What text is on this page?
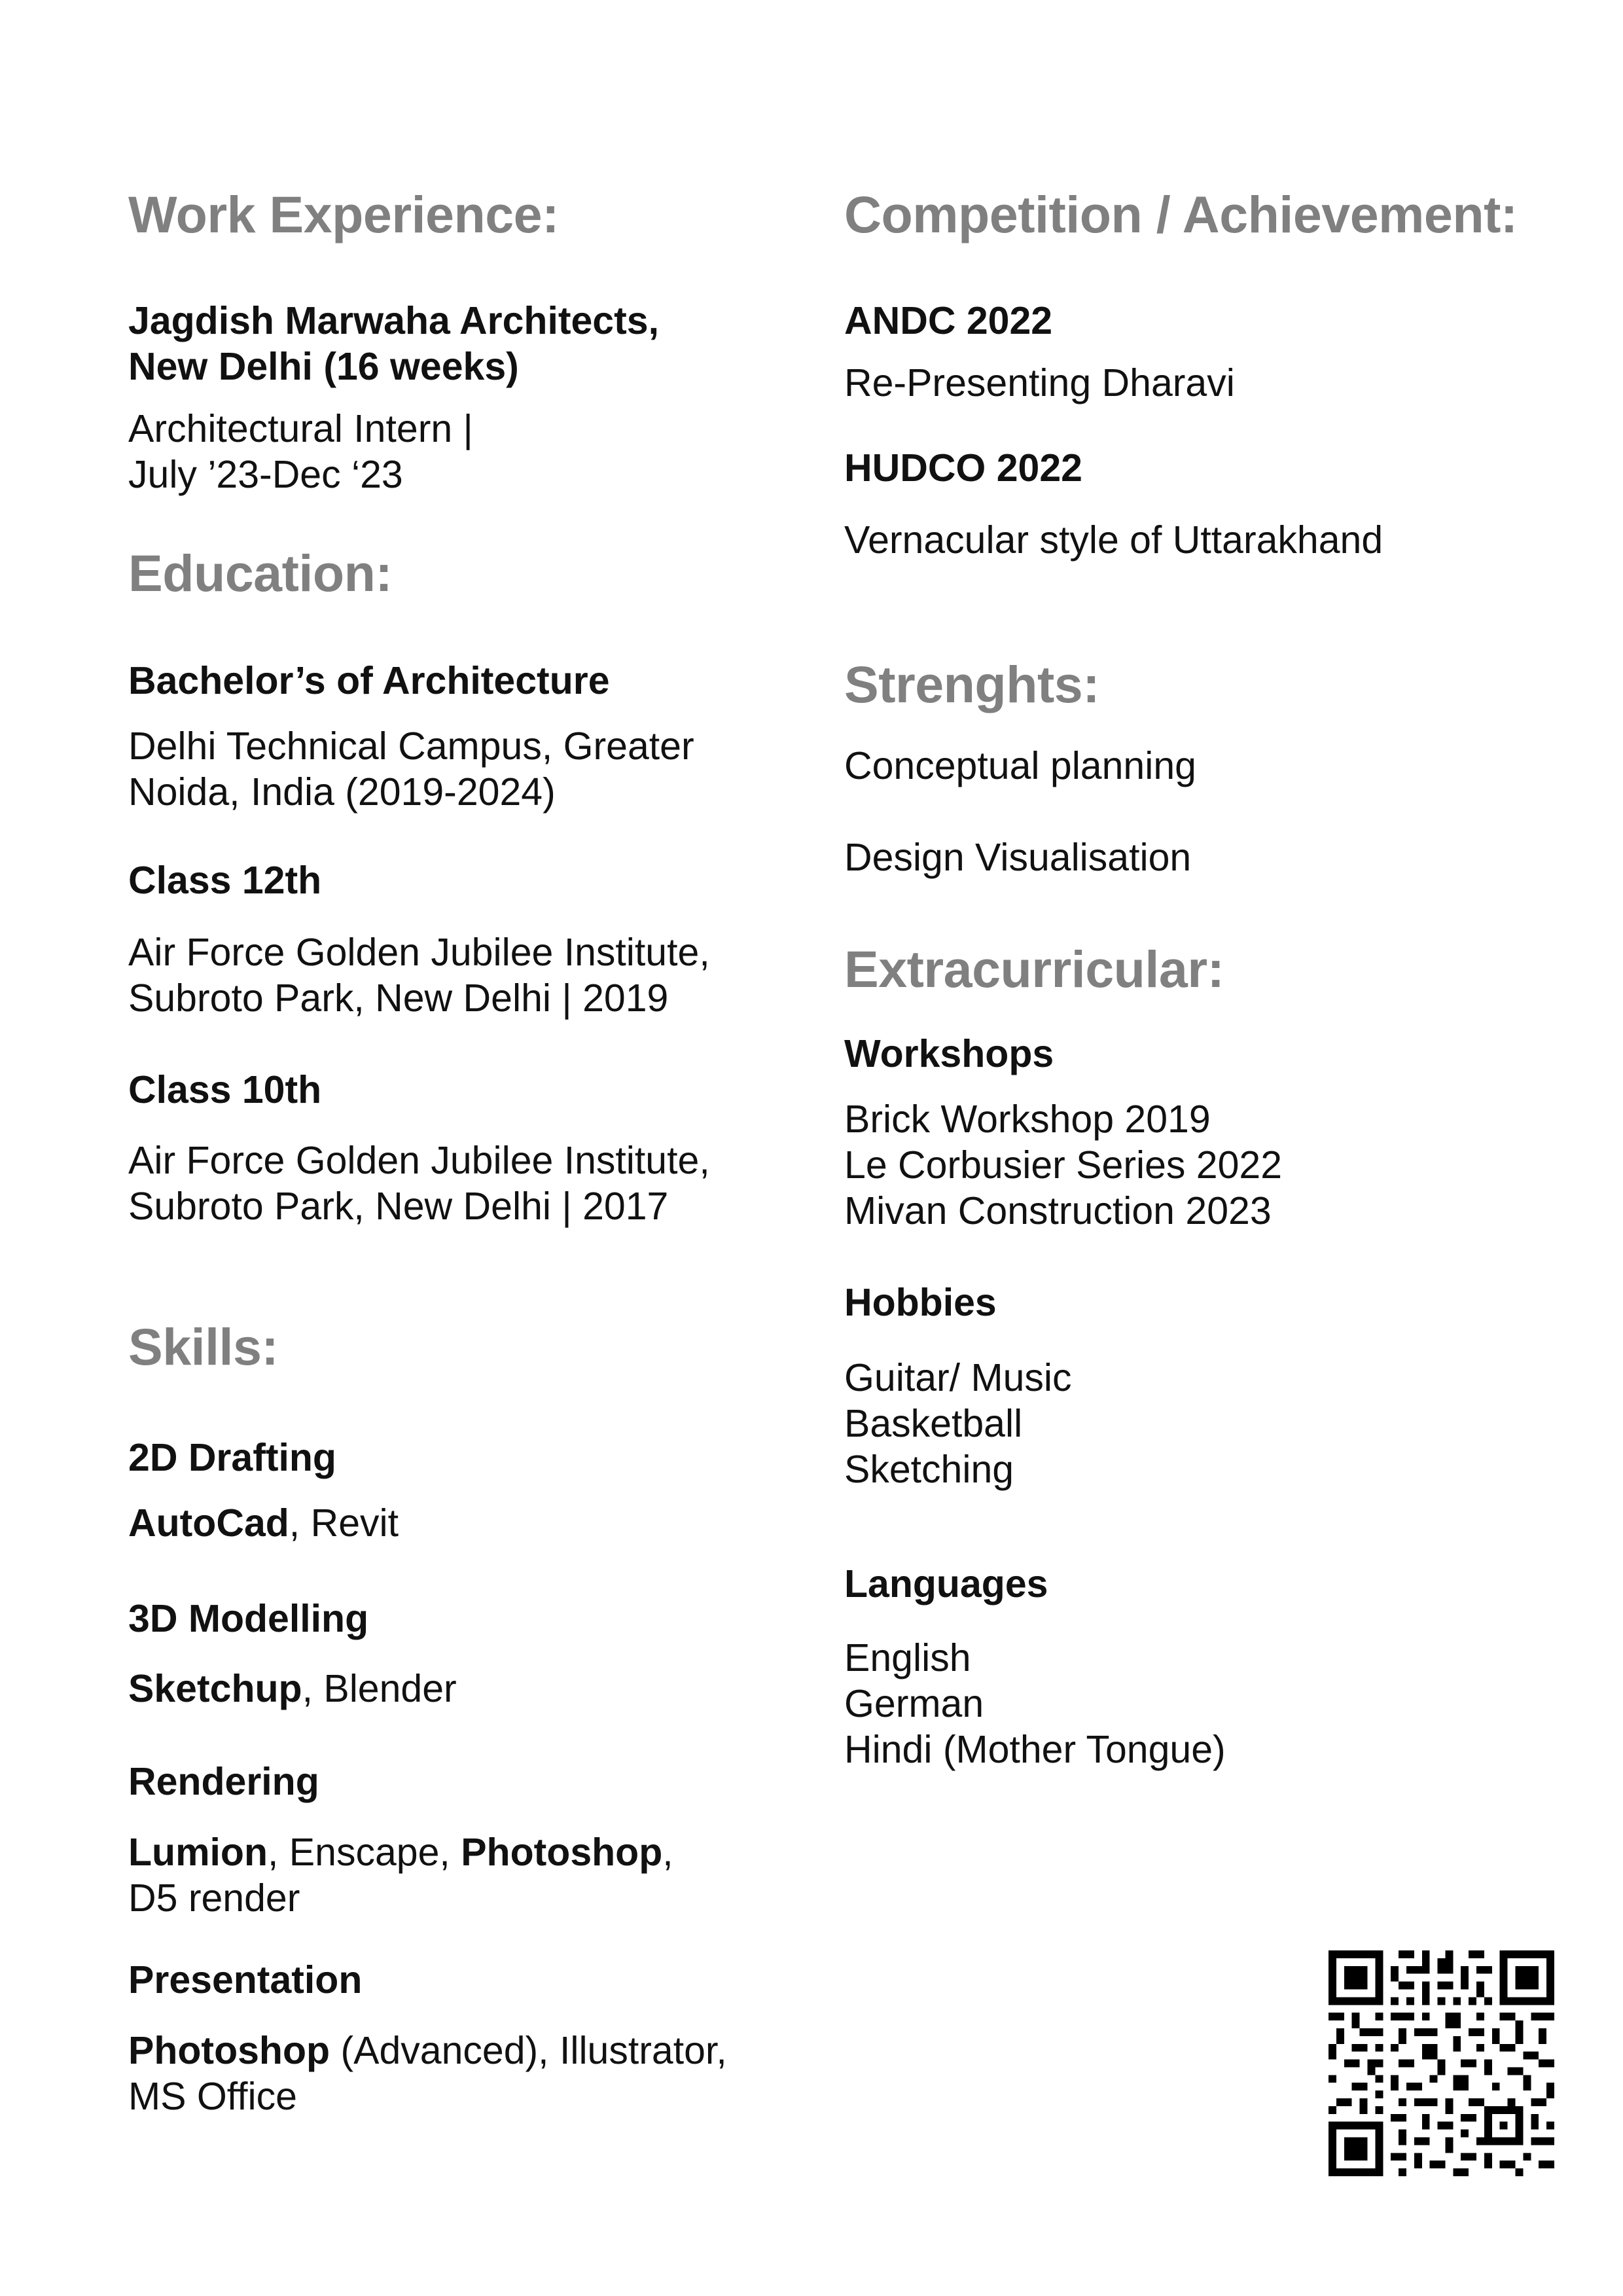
Work Experience:
Jagdish Marwaha Architects,
New Delhi (16 weeks)
Architectural Intern |
July ’23-Dec ‘23
Education:
Bachelor’s of Architecture
Delhi Technical Campus, Greater
Noida, India (2019-2024)
Class 12th
Air Force Golden Jubilee Institute,
Subroto Park, New Delhi | 2019
Class 10th
Air Force Golden Jubilee Institute,
Subroto Park, New Delhi | 2017
Skills:
2D Drafting
AutoCad, Revit
3D Modelling
Sketchup, Blender
Rendering
Lumion, Enscape, Photoshop,
D5 render
Presentation
Photoshop (Advanced), Illustrator,
MS Office
Competition / Achievement:
ANDC 2022
Re-Presenting Dharavi
HUDCO 2022
Vernacular style of Uttarakhand
Strenghts:
Conceptual planning
Design Visualisation
Extracurricular:
Workshops
Brick Workshop 2019
Le Corbusier Series 2022
Mivan Construction 2023
Hobbies
Guitar/ Music
Basketball
Sketching
Languages
English
German
Hindi (Mother Tongue)
